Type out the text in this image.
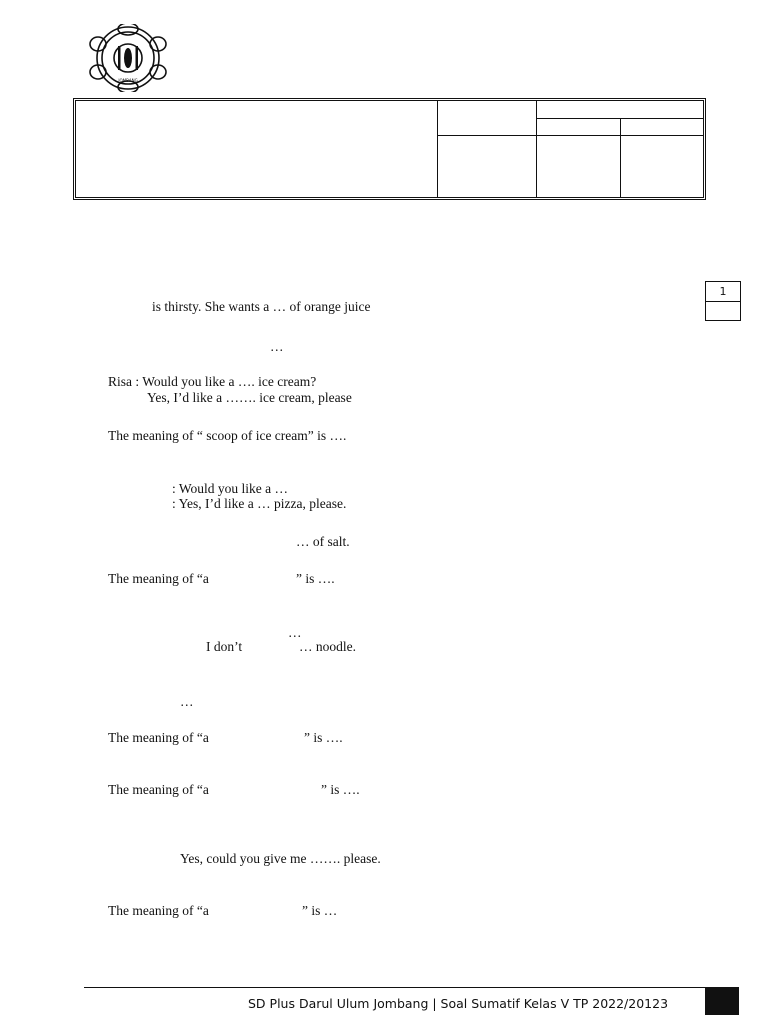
JOMBANG
1
is thirsty. She wants a … of orange juice
…
Risa : Would you like a …. ice cream?
Yes, I’d like a ……. ice cream, please
The meaning of “ scoop of ice cream” is ….
: Would you like a …
: Yes, I’d like a … pizza, please.
… of salt.
The meaning of “a	” is ….
…
I don’t	… noodle.
…
The meaning of “a	” is ….
The meaning of “a	” is ….
Yes, could you give me ……. please.
The meaning of “a	” is …
SD Plus Darul Ulum Jombang | Soal Sumatif Kelas V TP 2022/20123
